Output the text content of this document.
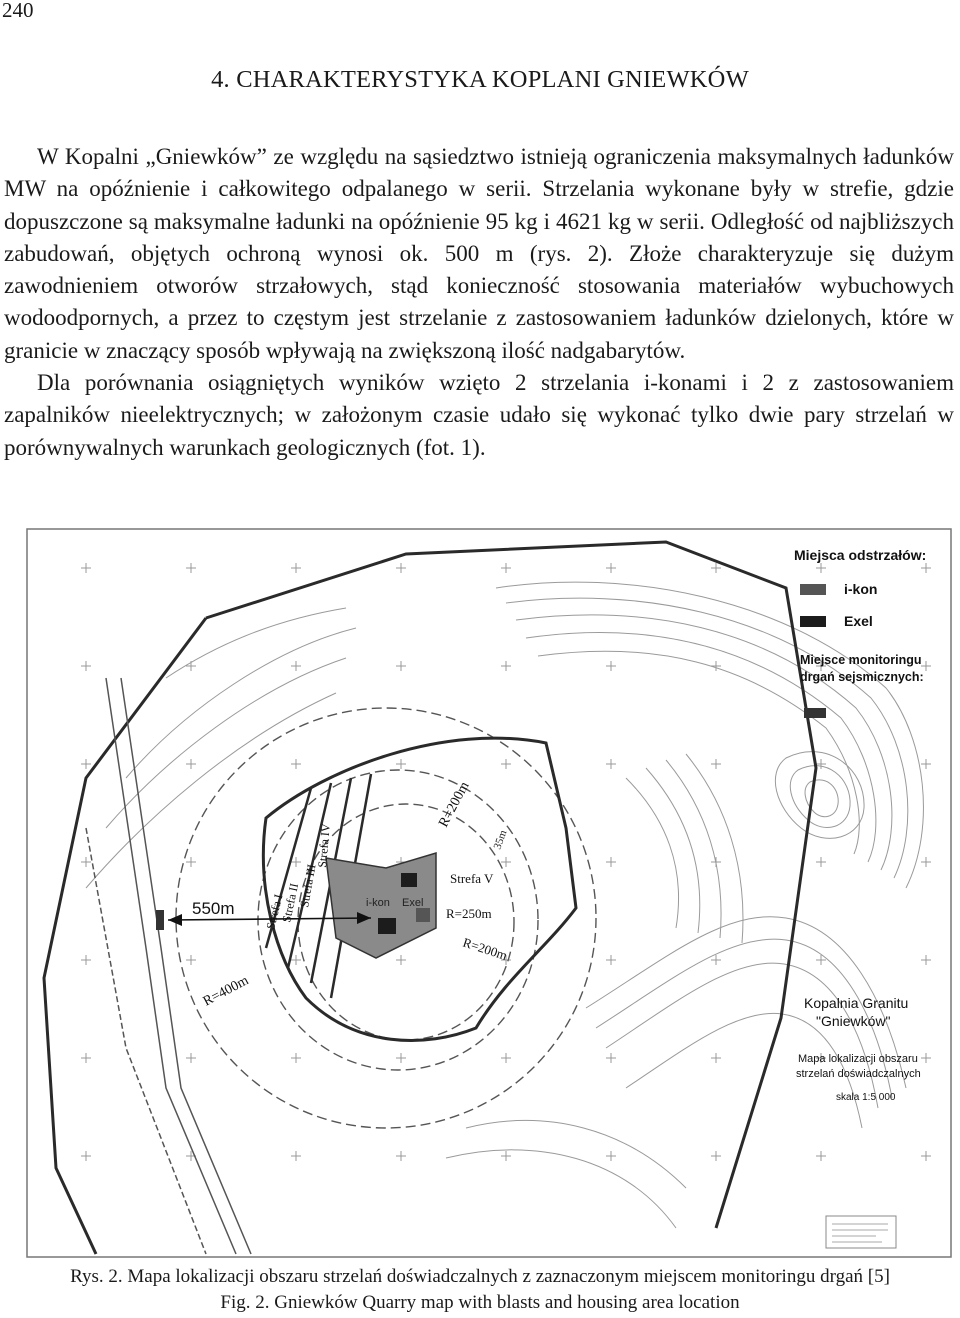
240
4. CHARAKTERYSTYKA KOPLANI GNIEWKÓW

W Kopalni „Gniewków” ze względu na sąsiedztwo istnieją ograniczenia maksymalnych ładunków MW na opóźnienie i całkowitego odpalanego w serii. Strzelania wykonane były w strefie, gdzie dopuszczone są maksymalne ładunki na opóźnienie 95 kg i 4621 kg w serii. Odległość od najbliższych zabudowań, objętych ochroną wynosi ok. 500 m (rys. 2). Złoże charakteryzuje się dużym zawodnieniem otworów strzałowych, stąd konieczność stosowania materiałów wybuchowych wodoodpornych, a przez to częstym jest strzelanie z zastosowaniem ładunków dzielonych, które w granicie w znaczący sposób wpływają na zwiększoną ilość nadgabarytów.

Dla porównania osiągniętych wyników wzięto 2 strzelania i-konami i 2 z zastosowaniem zapalników nieelektrycznych; w założonym czasie udało się wykonać tylko dwie pary strzelań w porównywalnych warunkach geologicznych (fot. 1).

550m
R=400m
R=200m
R=250m
R=200m
Strefa V
Strefa IV
Strefa III
Strefa II
Strefa I	i-kon Exel
35m
Miejsca odstrzałów:
i-kon
Exel
Miejsce monitoringu
drgań sejsmicznych:
Kopalnia Granitu
"Gniewków"
Mapa lokalizacji obszaru
strzelań doświadczalnych
skala 1:5 000
Rys. 2. Mapa lokalizacji obszaru strzelań doświadczalnych z zaznaczonym miejscem monitoringu drgań [5]
Fig. 2. Gniewków Quarry map with blasts and housing area location
